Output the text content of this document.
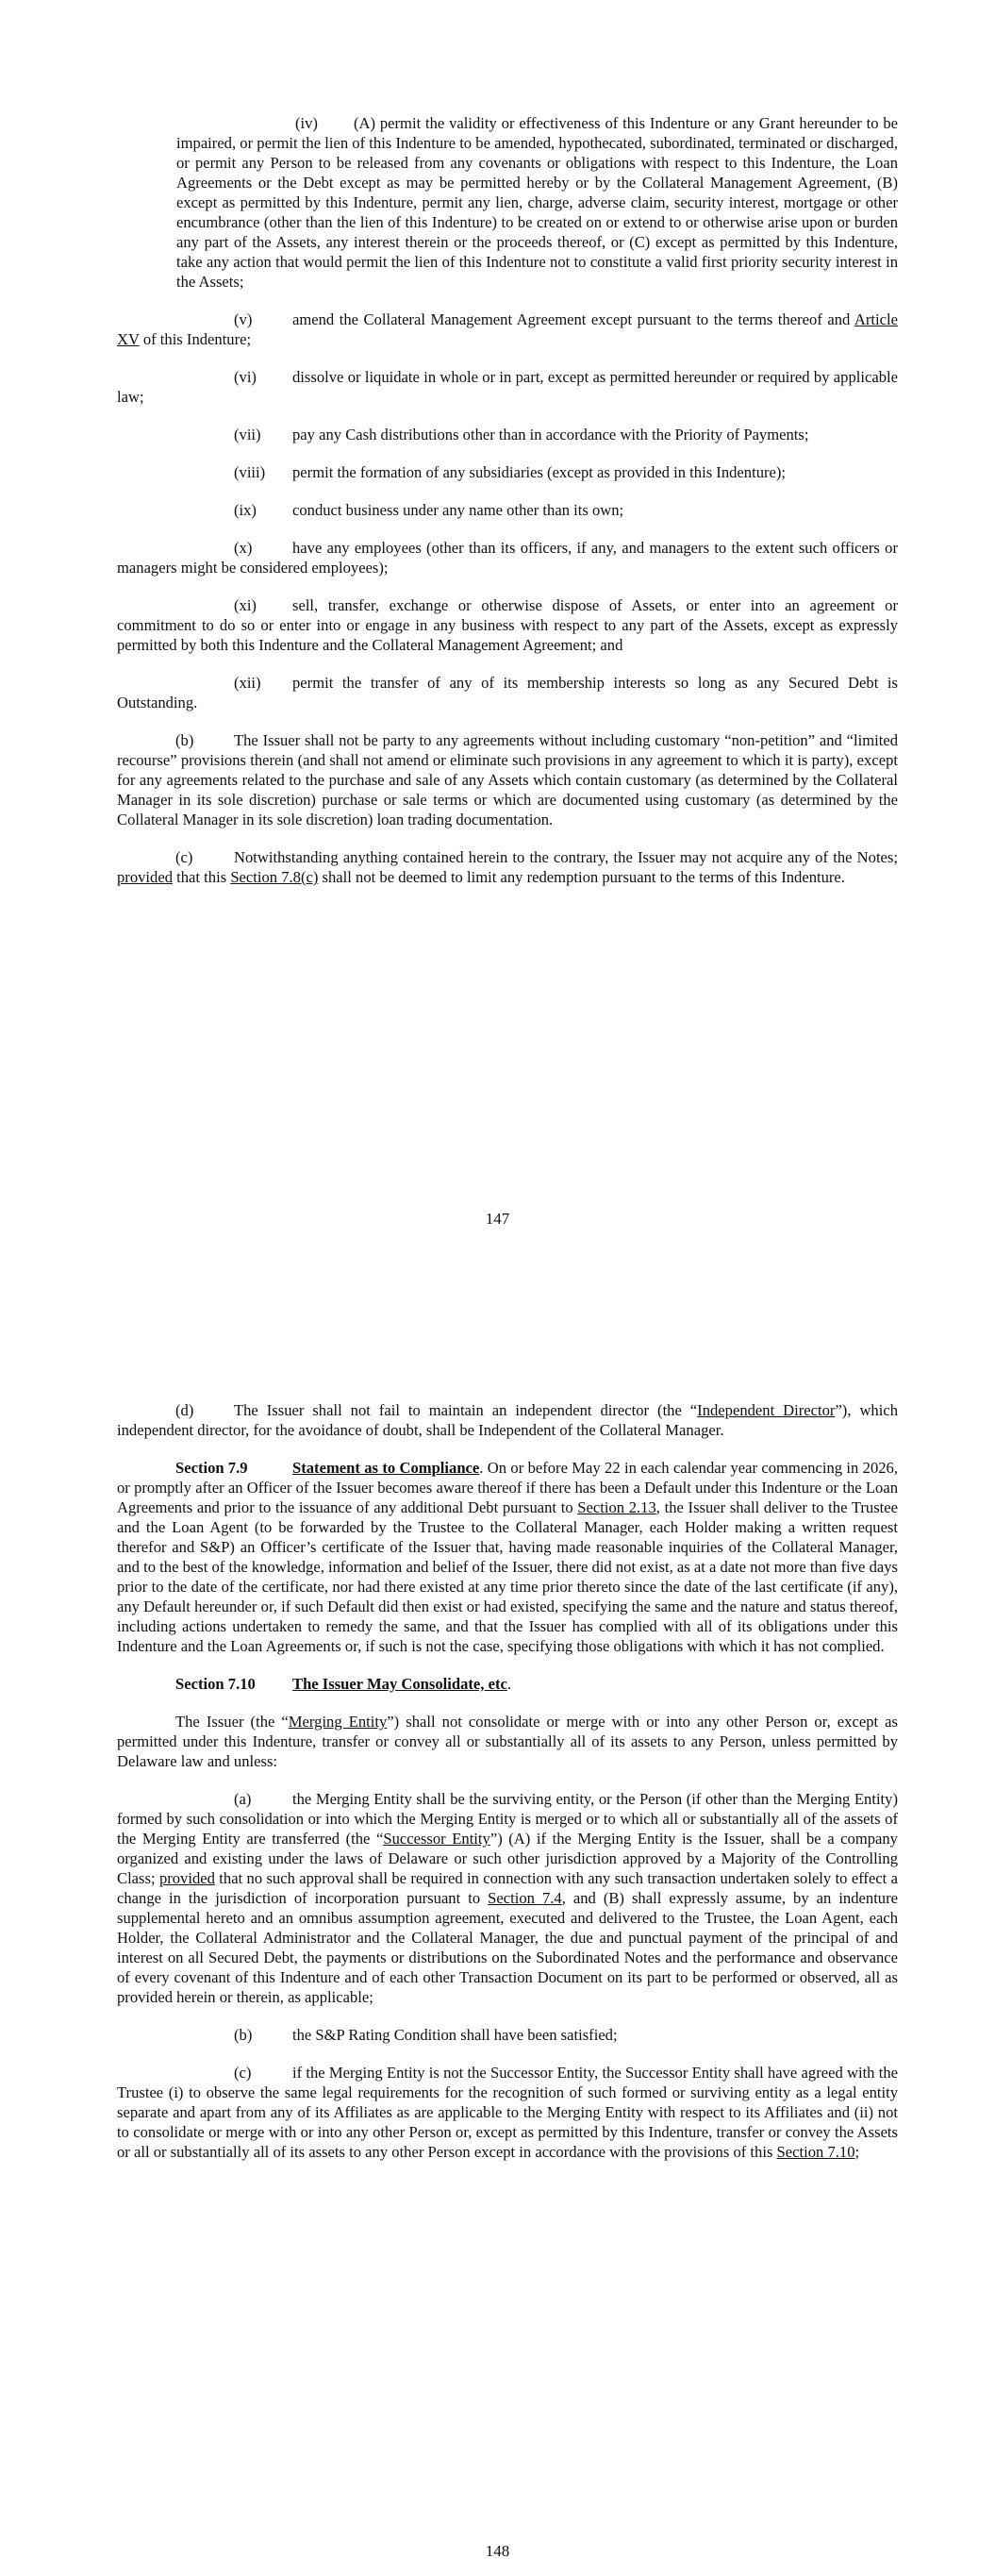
(iv) (A) permit the validity or effectiveness of this Indenture or any Grant hereunder to be impaired, or permit the lien of this Indenture to be amended, hypothecated, subordinated, terminated or discharged, or permit any Person to be released from any covenants or obligations with respect to this Indenture, the Loan Agreements or the Debt except as may be permitted hereby or by the Collateral Management Agreement, (B) except as permitted by this Indenture, permit any lien, charge, adverse claim, security interest, mortgage or other encumbrance (other than the lien of this Indenture) to be created on or extend to or otherwise arise upon or burden any part of the Assets, any interest therein or the proceeds thereof, or (C) except as permitted by this Indenture, take any action that would permit the lien of this Indenture not to constitute a valid first priority security interest in the Assets;

(v)	amend the Collateral Management Agreement except pursuant to the terms thereof and Article XV of this Indenture;

(vi) dissolve or liquidate in whole or in part, except as permitted hereunder or required by applicable law;

(vii) pay any Cash distributions other than in accordance with the Priority of Payments;

(viii) permit the formation of any subsidiaries (except as provided in this Indenture);

(ix) conduct business under any name other than its own;

(x)	have any employees (other than its officers, if any, and managers to the extent such officers or managers might be considered employees);

(xi) sell, transfer, exchange or otherwise dispose of Assets, or enter into an agreement or commitment to do so or enter into or engage in any business with respect to any part of the Assets, except as expressly permitted by both this Indenture and the Collateral Management Agreement; and

(xii) permit the transfer of any of its membership interests so long as any Secured Debt is Outstanding.

(b)	The Issuer shall not be party to any agreements without including customary “non-petition” and “limited recourse” provisions therein (and shall not amend or eliminate such provisions in any agreement to which it is party), except for any agreements related to the purchase and sale of any Assets which contain customary (as determined by the Collateral Manager in its sole discretion) purchase or sale terms or which are documented using customary (as determined by the Collateral Manager in its sole discretion) loan trading documentation.

(c)	Notwithstanding anything contained herein to the contrary, the Issuer may not acquire any of the Notes; provided that this Section 7.8(c) shall not be deemed to limit any redemption pursuant to the terms of this Indenture.

147

(d)	The Issuer shall not fail to maintain an independent director (the “Independent Director”), which independent director, for the avoidance of doubt, shall be Independent of the Collateral Manager.

Section 7.9	Statement as to Compliance. On or before May 22 in each calendar year commencing in 2026, or promptly after an Officer of the Issuer becomes aware thereof if there has been a Default under this Indenture or the Loan Agreements and prior to the issuance of any additional Debt pursuant to Section 2.13, the Issuer shall deliver to the Trustee and the Loan Agent (to be forwarded by the Trustee to the Collateral Manager, each Holder making a written request therefor and S&P) an Officer’s certificate of the Issuer that, having made reasonable inquiries of the Collateral Manager, and to the best of the knowledge, information and belief of the Issuer, there did not exist, as at a date not more than five days prior to the date of the certificate, nor had there existed at any time prior thereto since the date of the last certificate (if any), any Default hereunder or, if such Default did then exist or had existed, specifying the same and the nature and status thereof, including actions undertaken to remedy the same, and that the Issuer has complied with all of its obligations under this Indenture and the Loan Agreements or, if such is not the case, specifying those obligations with which it has not complied.

Section 7.10 The Issuer May Consolidate, etc.

The Issuer (the “Merging Entity”) shall not consolidate or merge with or into any other Person or, except as permitted under this Indenture, transfer or convey all or substantially all of its assets to any Person, unless permitted by Delaware law and unless:

(a)	the Merging Entity shall be the surviving entity, or the Person (if other than the Merging Entity) formed by such consolidation or into which the Merging Entity is merged or to which all or substantially all of the assets of the Merging Entity are transferred (the “Successor Entity”) (A) if the Merging Entity is the Issuer, shall be a company organized and existing under the laws of Delaware or such other jurisdiction approved by a Majority of the Controlling Class; provided that no such approval shall be required in connection with any such transaction undertaken solely to effect a change in the jurisdiction of incorporation pursuant to Section 7.4, and (B) shall expressly assume, by an indenture supplemental hereto and an omnibus assumption agreement, executed and delivered to the Trustee, the Loan Agent, each Holder, the Collateral Administrator and the Collateral Manager, the due and punctual payment of the principal of and interest on all Secured Debt, the payments or distributions on the Subordinated Notes and the performance and observance of every covenant of this Indenture and of each other Transaction Document on its part to be performed or observed, all as provided herein or therein, as applicable;

(b)	the S&P Rating Condition shall have been satisfied;

(c)	if the Merging Entity is not the Successor Entity, the Successor Entity shall have agreed with the Trustee (i) to observe the same legal requirements for the recognition of such formed or surviving entity as a legal entity separate and apart from any of its Affiliates as are applicable to the Merging Entity with respect to its Affiliates and (ii) not to consolidate or merge with or into any other Person or, except as permitted by this Indenture, transfer or convey the Assets or all or substantially all of its assets to any other Person except in accordance with the provisions of this Section 7.10;

148
